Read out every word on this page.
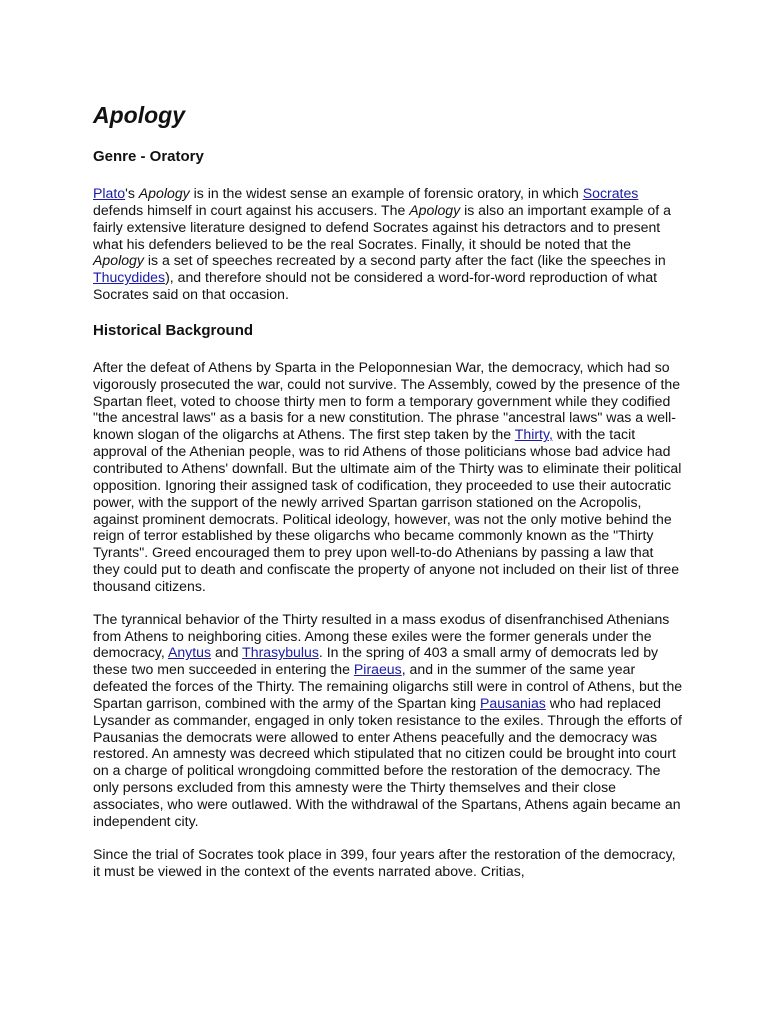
Apology
Genre - Oratory

Plato's Apology is in the widest sense an example of forensic oratory, in which Socrates defends himself in court against his accusers. The Apology is also an important example of a fairly extensive literature designed to defend Socrates against his detractors and to present what his defenders believed to be the real Socrates. Finally, it should be noted that the Apology is a set of speeches recreated by a second party after the fact (like the speeches in Thucydides), and therefore should not be considered a word-for-word reproduction of what Socrates said on that occasion.

Historical Background

After the defeat of Athens by Sparta in the Peloponnesian War, the democracy, which had so vigorously prosecuted the war, could not survive. The Assembly, cowed by the presence of the Spartan fleet, voted to choose thirty men to form a temporary government while they codified "the ancestral laws" as a basis for a new constitution. The phrase "ancestral laws" was a well-known slogan of the oligarchs at Athens. The first step taken by the Thirty, with the tacit approval of the Athenian people, was to rid Athens of those politicians whose bad advice had contributed to Athens' downfall. But the ultimate aim of the Thirty was to eliminate their political opposition. Ignoring their assigned task of codification, they proceeded to use their autocratic power, with the support of the newly arrived Spartan garrison stationed on the Acropolis, against prominent democrats. Political ideology, however, was not the only motive behind the reign of terror established by these oligarchs who became commonly known as the "Thirty Tyrants". Greed encouraged them to prey upon well-to-do Athenians by passing a law that they could put to death and confiscate the property of anyone not included on their list of three thousand citizens.

The tyrannical behavior of the Thirty resulted in a mass exodus of disenfranchised Athenians from Athens to neighboring cities. Among these exiles were the former generals under the democracy, Anytus and Thrasybulus. In the spring of 403 a small army of democrats led by these two men succeeded in entering the Piraeus, and in the summer of the same year defeated the forces of the Thirty. The remaining oligarchs still were in control of Athens, but the Spartan garrison, combined with the army of the Spartan king Pausanias who had replaced Lysander as commander, engaged in only token resistance to the exiles. Through the efforts of Pausanias the democrats were allowed to enter Athens peacefully and the democracy was restored. An amnesty was decreed which stipulated that no citizen could be brought into court on a charge of political wrongdoing committed before the restoration of the democracy. The only persons excluded from this amnesty were the Thirty themselves and their close associates, who were outlawed. With the withdrawal of the Spartans, Athens again became an independent city.

Since the trial of Socrates took place in 399, four years after the restoration of the democracy, it must be viewed in the context of the events narrated above. Critias,
